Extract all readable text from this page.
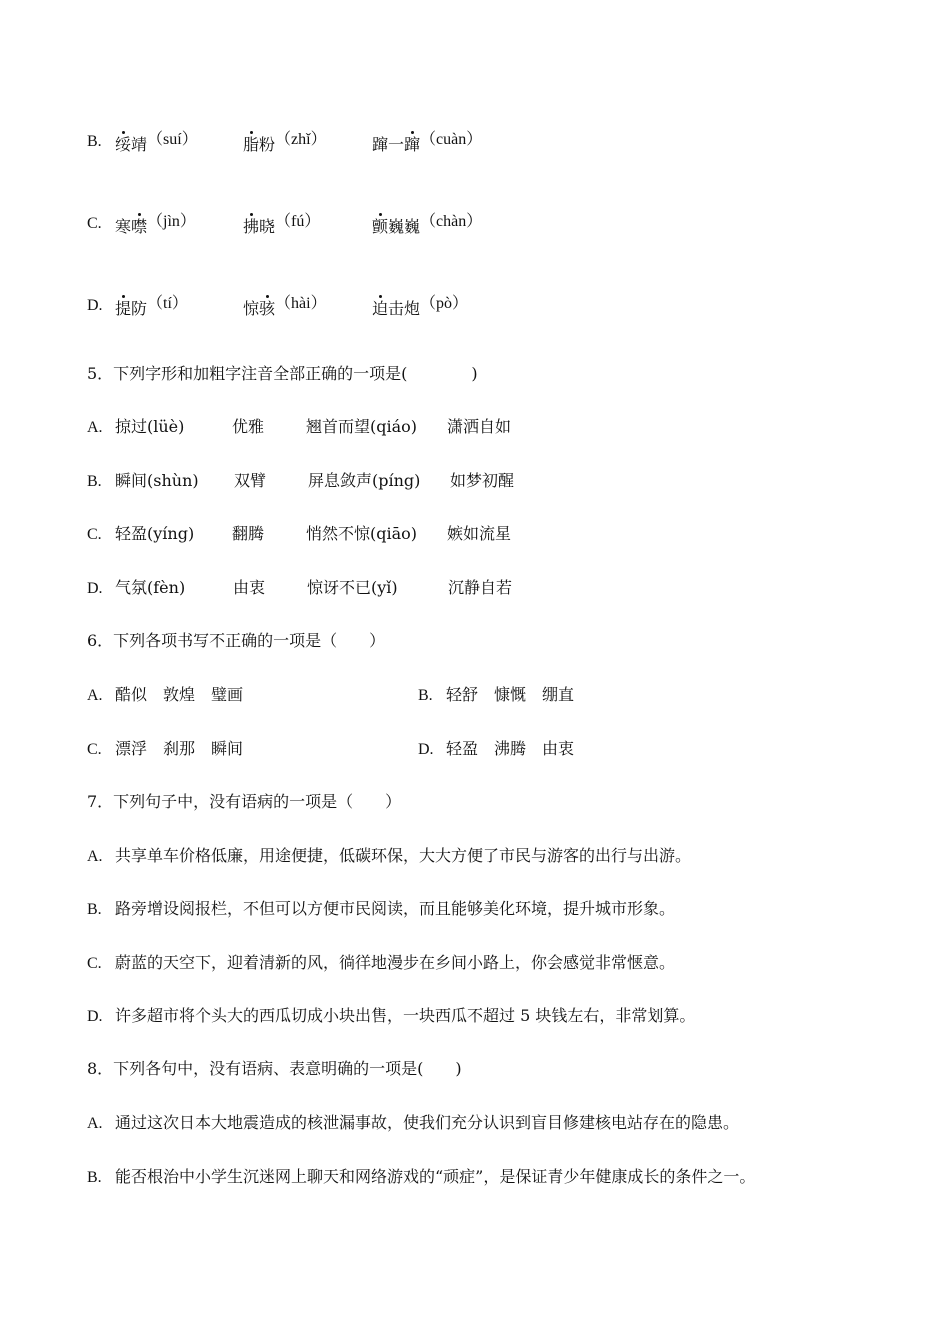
B. 绥靖（suí）	脂粉（zhǐ）	蹿一蹿（cuàn）
C. 寒噤（jìn）	拂晓（fú）	颤巍巍（chàn）
D. 提防（tí）	惊骇（hài）	迫击炮（pò）
5．下列字形和加粗字注音全部正确的一项是(　　　　)
A. 掠过(lüè)	优雅	翘首而望(qiáo) 潇洒自如
B. 瞬间(shùn) 双臂	屏息敛声(píng) 如梦初醒
C. 轻盈(yíng) 翻腾	悄然不惊(qiāo) 嫉如流星
D. 气氛(fèn)	由衷	惊讶不已(yǐ)	沉静自若
6．下列各项书写不正确的一项是（　　）
A. 酷似　敦煌　璧画	B. 轻舒　慷慨　绷直
C. 漂浮　刹那　瞬间	D. 轻盈　沸腾　由衷
7．下列句子中，没有语病的一项是（　　）
A. 共享单车价格低廉，用途便捷，低碳环保，大大方便了市民与游客的出行与出游。
B. 路旁增设阅报栏，不但可以方便市民阅读，而且能够美化环境，提升城市形象。
C. 蔚蓝的天空下，迎着清新的风，徜徉地漫步在乡间小路上，你会感觉非常惬意。
D. 许多超市将个头大的西瓜切成小块出售，一块西瓜不超过 5 块钱左右，非常划算。
8．下列各句中，没有语病、表意明确的一项是(　　)
A. 通过这次日本大地震造成的核泄漏事故，使我们充分认识到盲目修建核电站存在的隐患。
B. 能否根治中小学生沉迷网上聊天和网络游戏的“顽症”，是保证青少年健康成长的条件之一。
